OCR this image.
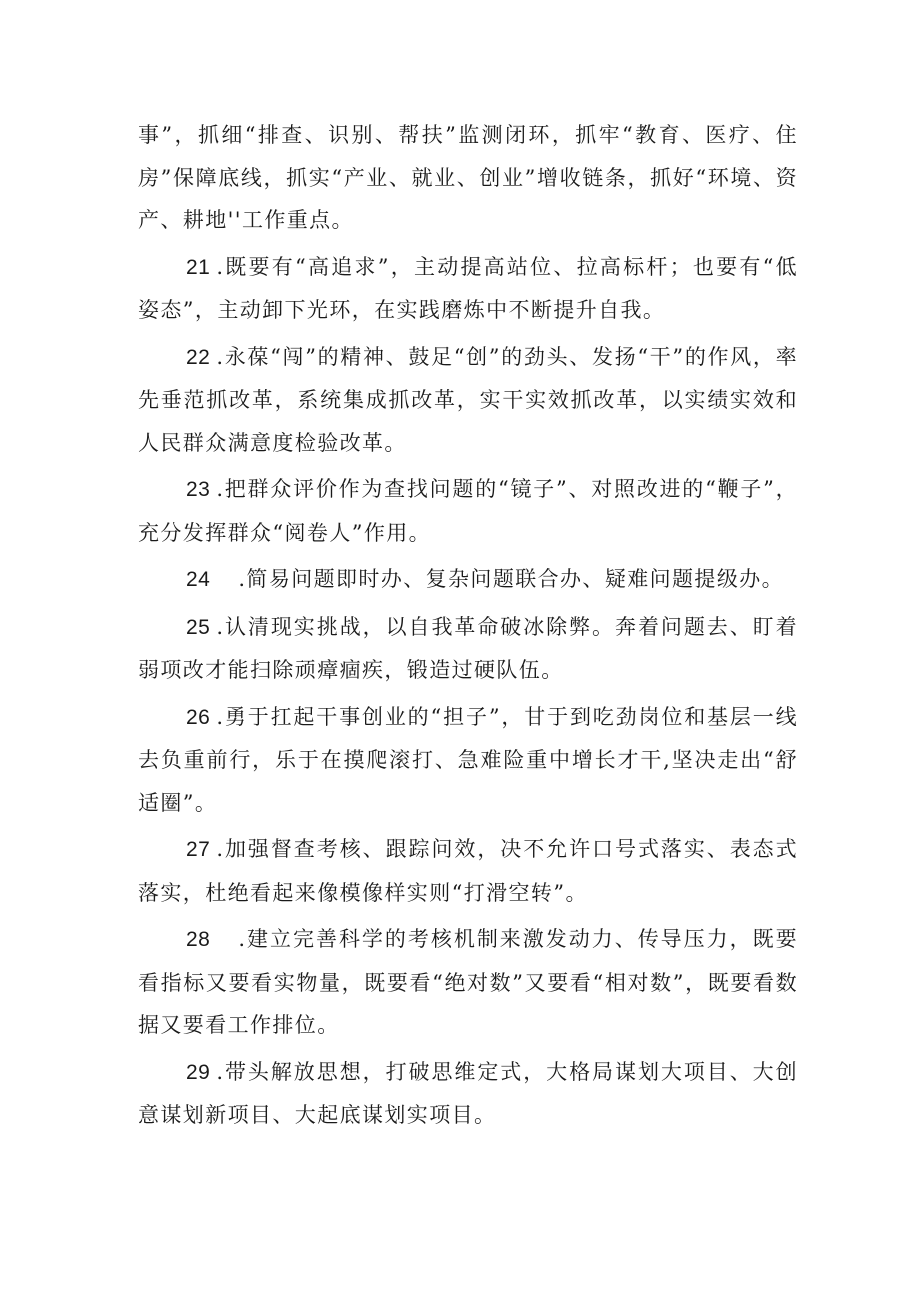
事”，抓细“排查、识别、帮扶”监测闭环，抓牢“教育、医疗、住房”保障底线，抓实“产业、就业、创业”增收链条，抓好“环境、资产、耕地''工作重点。

21 .既要有“高追求”，主动提高站位、拉高标杆；也要有“低姿态”，主动卸下光环，在实践磨炼中不断提升自我。

22 .永葆“闯”的精神、鼓足“创”的劲头、发扬“干”的作风，率先垂范抓改革，系统集成抓改革，实干实效抓改革，以实绩实效和人民群众满意度检验改革。

23 .把群众评价作为查找问题的“镜子”、对照改进的“鞭子”，充分发挥群众“阅卷人”作用。

24 .简易问题即时办、复杂问题联合办、疑难问题提级办。

25 .认清现实挑战，以自我革命破冰除弊。奔着问题去、盯着弱项改才能扫除顽瘴痼疾，锻造过硬队伍。

26 .勇于扛起干事创业的“担子”，甘于到吃劲岗位和基层一线去负重前行，乐于在摸爬滚打、急难险重中增长才干,坚决走出“舒适圈”。

27 .加强督查考核、跟踪问效，决不允许口号式落实、表态式落实，杜绝看起来像模像样实则“打滑空转”。

28 .建立完善科学的考核机制来激发动力、传导压力，既要看指标又要看实物量，既要看“绝对数”又要看“相对数”，既要看数据又要看工作排位。

29 .带头解放思想，打破思维定式，大格局谋划大项目、大创意谋划新项目、大起底谋划实项目。
